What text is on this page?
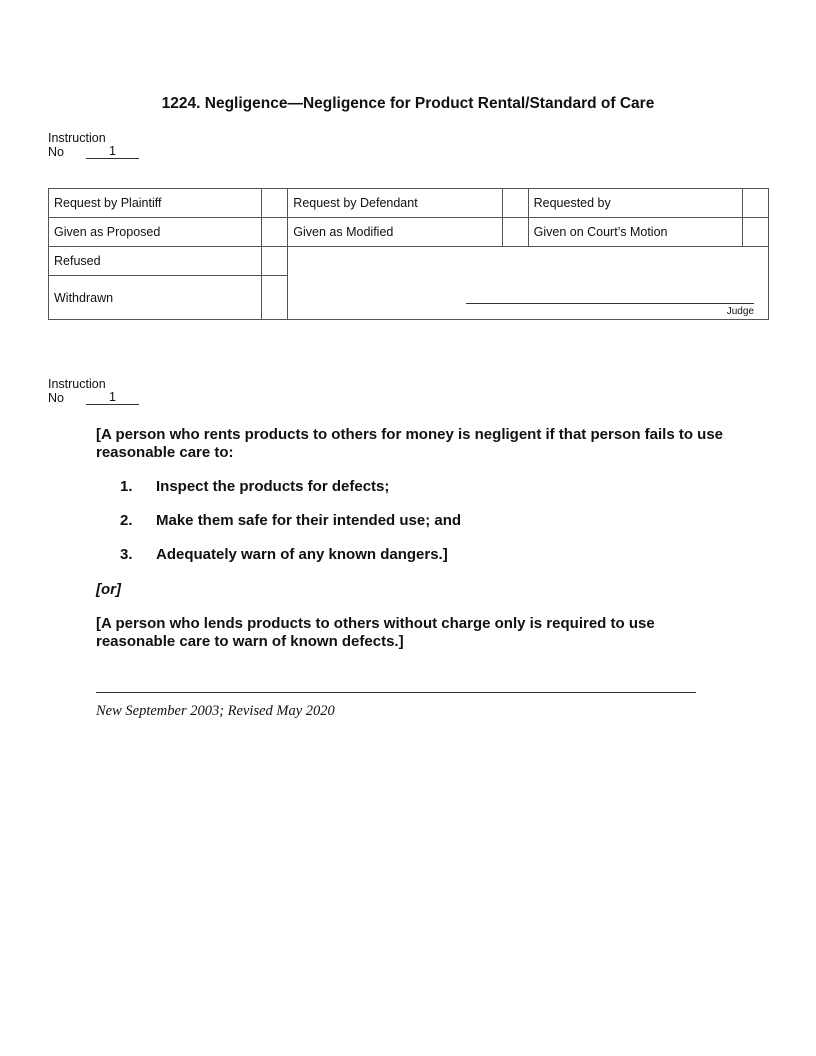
1224. Negligence—Negligence for Product Rental/Standard of Care
Instruction
No	1
Request by Plaintiff		Request by Defendant		Requested by	
Given as Proposed		Given as Modified		Given on Court’s Motion	
Refused		Judge			

Withdrawn					
Instruction
No	1
[A person who rents products to others for money is negligent if that person fails to use reasonable care to:
1.	Inspect the products for defects;
2.	Make them safe for their intended use; and
3.	Adequately warn of any known dangers.]
[or]
[A person who lends products to others without charge only is required to use reasonable care to warn of known defects.]
New September 2003; Revised May 2020
